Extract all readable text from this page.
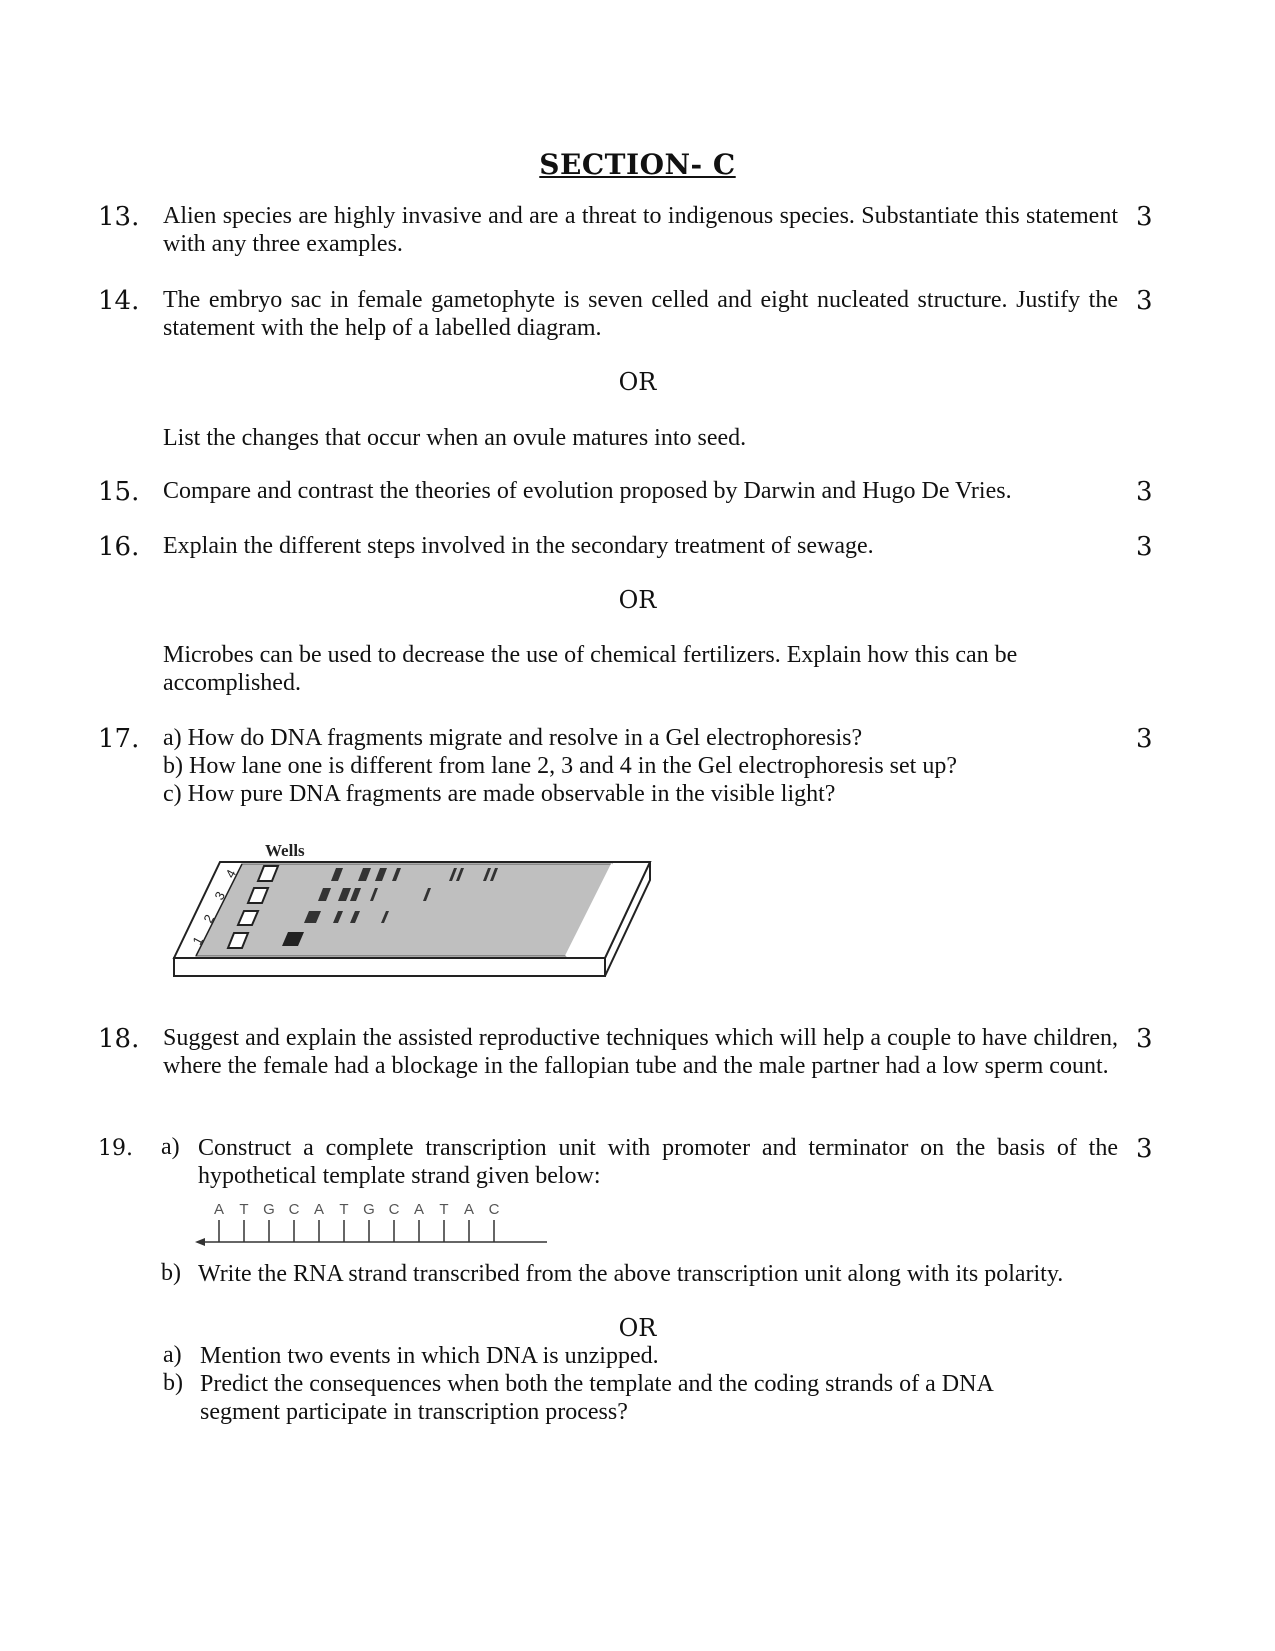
SECTION- C
13. Alien species are highly invasive and are a threat to indigenous species. Substantiate this statement with any three examples.
3
14. The embryo sac in female gametophyte is seven celled and eight nucleated structure. Justify the statement with the help of a labelled diagram.
3
OR
List the changes that occur when an ovule matures into seed.
15. Compare and contrast the theories of evolution proposed by Darwin and Hugo De Vries.	3
16. Explain the different steps involved in the secondary treatment of sewage.	3
OR
Microbes can be used to decrease the use of chemical fertilizers. Explain how this can be accomplished.
17. a) How do DNA fragments migrate and resolve in a Gel electrophoresis?
b) How lane one is different from lane 2, 3 and 4 in the Gel electrophoresis set up?
c) How pure DNA fragments are made observable in the visible light?
3
Wells
1
2
3
4
18. Suggest and explain the assisted reproductive techniques which will help a couple to have children, where the female had a blockage in the fallopian tube and the male partner had a low sperm count.
3
19. a) Construct a complete transcription unit with promoter and terminator on the basis of the hypothetical template strand given below:
3
A T G C A T G C A T A C
b) Write the RNA strand transcribed from the above transcription unit along with its polarity.
OR
a) Mention two events in which DNA is unzipped.
b) Predict the consequences when both the template and the coding strands of a DNA segment participate in transcription process?
